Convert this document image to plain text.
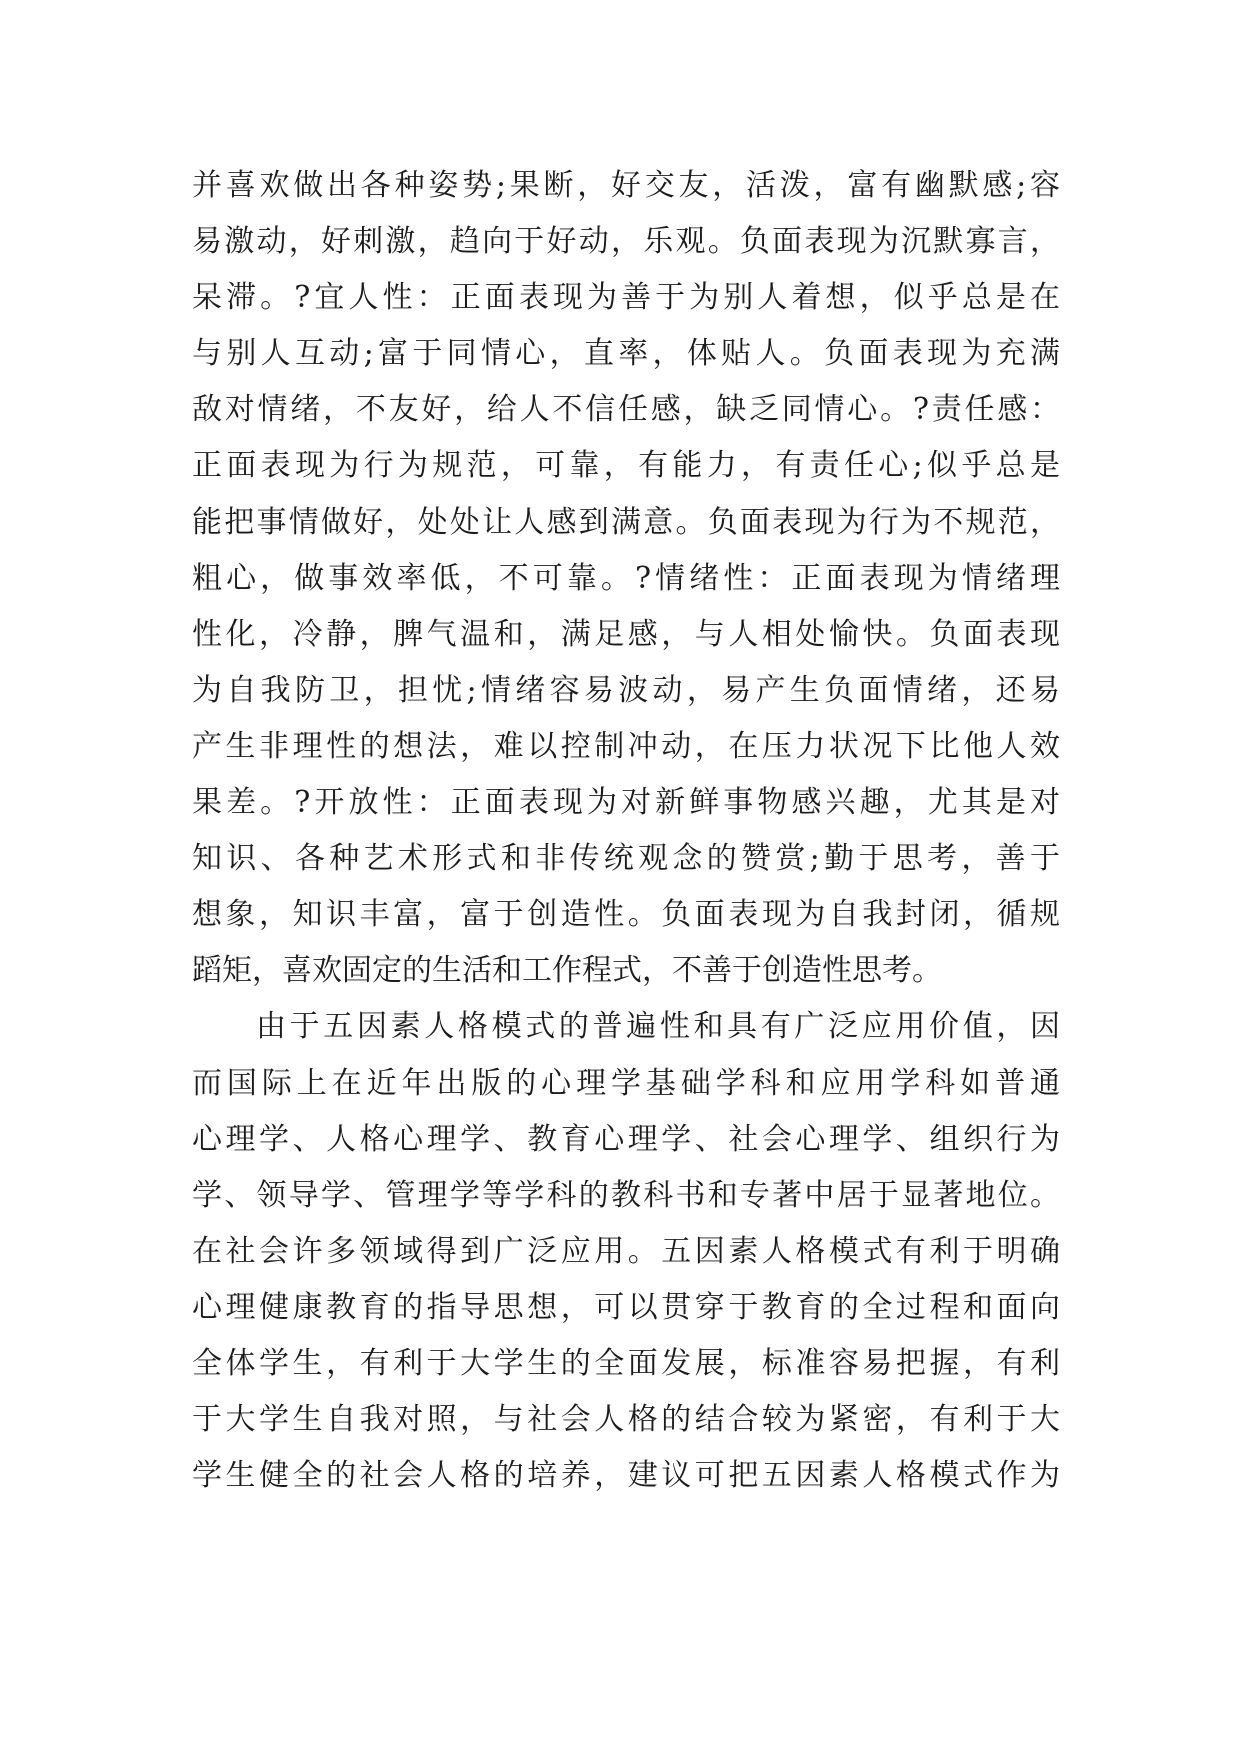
并喜欢做出各种姿势;果断，好交友，活泼，富有幽默感;容
易激动，好刺激，趋向于好动，乐观。负面表现为沉默寡言，
呆滞。?宜人性：正面表现为善于为别人着想，似乎总是在
与别人互动;富于同情心，直率，体贴人。负面表现为充满
敌对情绪，不友好，给人不信任感，缺乏同情心。?责任感：
正面表现为行为规范，可靠，有能力，有责任心;似乎总是
能把事情做好，处处让人感到满意。负面表现为行为不规范，
粗心，做事效率低，不可靠。?情绪性：正面表现为情绪理
性化，冷静，脾气温和，满足感，与人相处愉快。负面表现
为自我防卫，担忧;情绪容易波动，易产生负面情绪，还易
产生非理性的想法，难以控制冲动，在压力状况下比他人效
果差。?开放性：正面表现为对新鲜事物感兴趣，尤其是对
知识、各种艺术形式和非传统观念的赞赏;勤于思考，善于
想象，知识丰富，富于创造性。负面表现为自我封闭，循规
蹈矩，喜欢固定的生活和工作程式，不善于创造性思考。
由于五因素人格模式的普遍性和具有广泛应用价值，因
而国际上在近年出版的心理学基础学科和应用学科如普通
心理学、人格心理学、教育心理学、社会心理学、组织行为
学、领导学、管理学等学科的教科书和专著中居于显著地位。
在社会许多领域得到广泛应用。五因素人格模式有利于明确
心理健康教育的指导思想，可以贯穿于教育的全过程和面向
全体学生，有利于大学生的全面发展，标准容易把握，有利
于大学生自我对照，与社会人格的结合较为紧密，有利于大
学生健全的社会人格的培养，建议可把五因素人格模式作为
